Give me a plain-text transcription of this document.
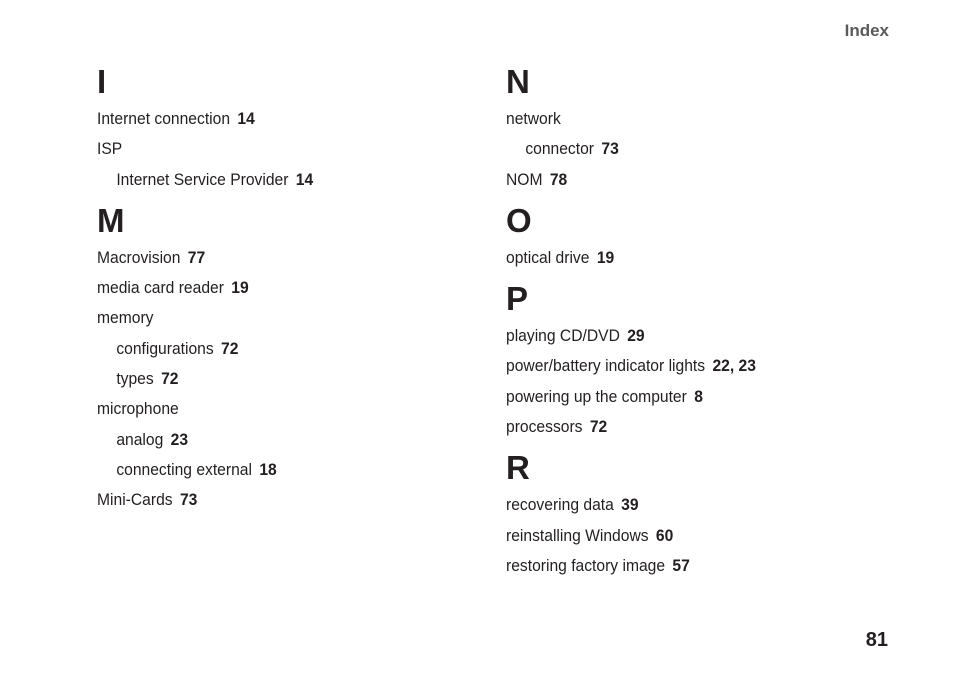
Index
I
Internet connection 14
ISP
Internet Service Provider 14
M
Macrovision 77
media card reader 19
memory
configurations 72
types 72
microphone
analog 23
connecting external 18
Mini-Cards 73
N
network
connector 73
NOM 78
O
optical drive 19
P
playing CD/DVD 29
power/battery indicator lights 22, 23
powering up the computer 8
processors 72
R
recovering data 39
reinstalling Windows 60
restoring factory image 57
81
